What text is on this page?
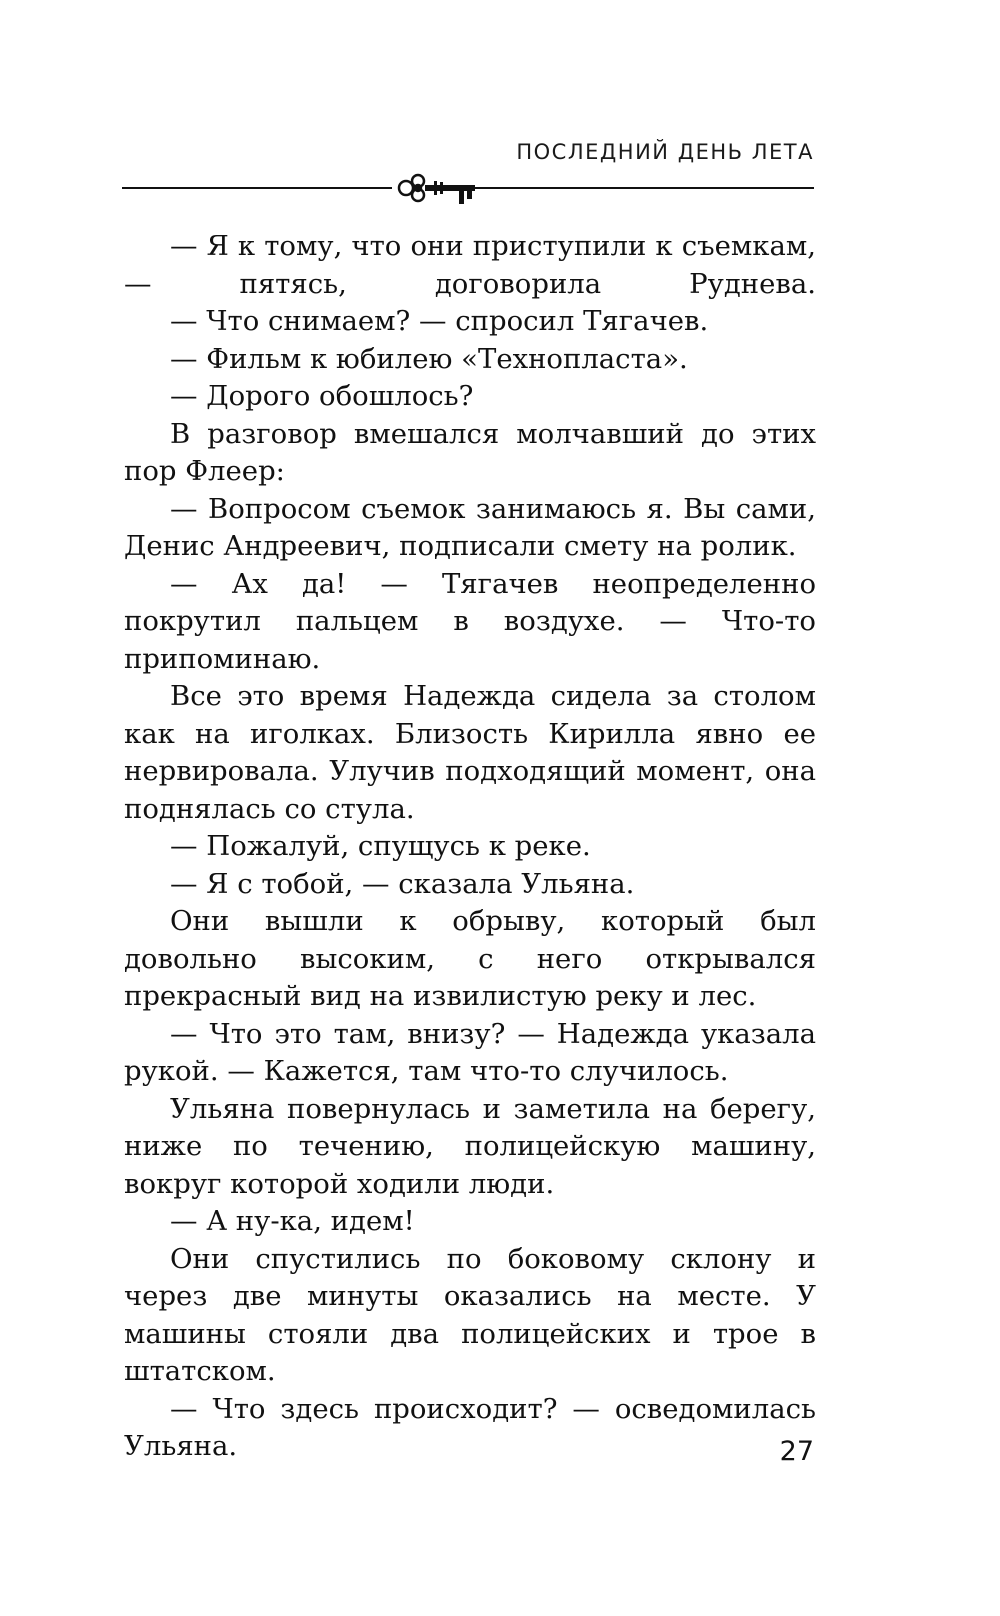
ПОСЛЕДНИЙ ДЕНЬ ЛЕТА

— Я к тому, что они приступили к съемкам, — пятясь, договорила Руднева.

— Что снимаем? — спросил Тягачев.

— Фильм к юбилею «Технопласта».

— Дорого обошлось?

В разговор вмешался молчавший до этих пор Флеер:

— Вопросом съемок занимаюсь я. Вы сами, Денис Андреевич, подписали смету на ролик.

— Ах да! — Тягачев неопределенно покрутил пальцем в воздухе. — Что-то припоминаю.

Все это время Надежда сидела за столом как на иголках. Близость Кирилла явно ее нервировала. Улучив подходящий момент, она поднялась со стула.

— Пожалуй, спущусь к реке.

— Я с тобой, — сказала Ульяна.

Они вышли к обрыву, который был довольно высоким, с него открывался прекрасный вид на извилистую реку и лес.

— Что это там, внизу? — Надежда указала рукой. — Кажется, там что-то случилось.

Ульяна повернулась и заметила на берегу, ниже по течению, полицейскую машину, вокруг которой ходили люди.

— А ну-ка, идем!

Они спустились по боковому склону и через две минуты оказались на месте. У машины стояли два полицейских и трое в штатском.

— Что здесь происходит? — осведомилась Ульяна.	27
